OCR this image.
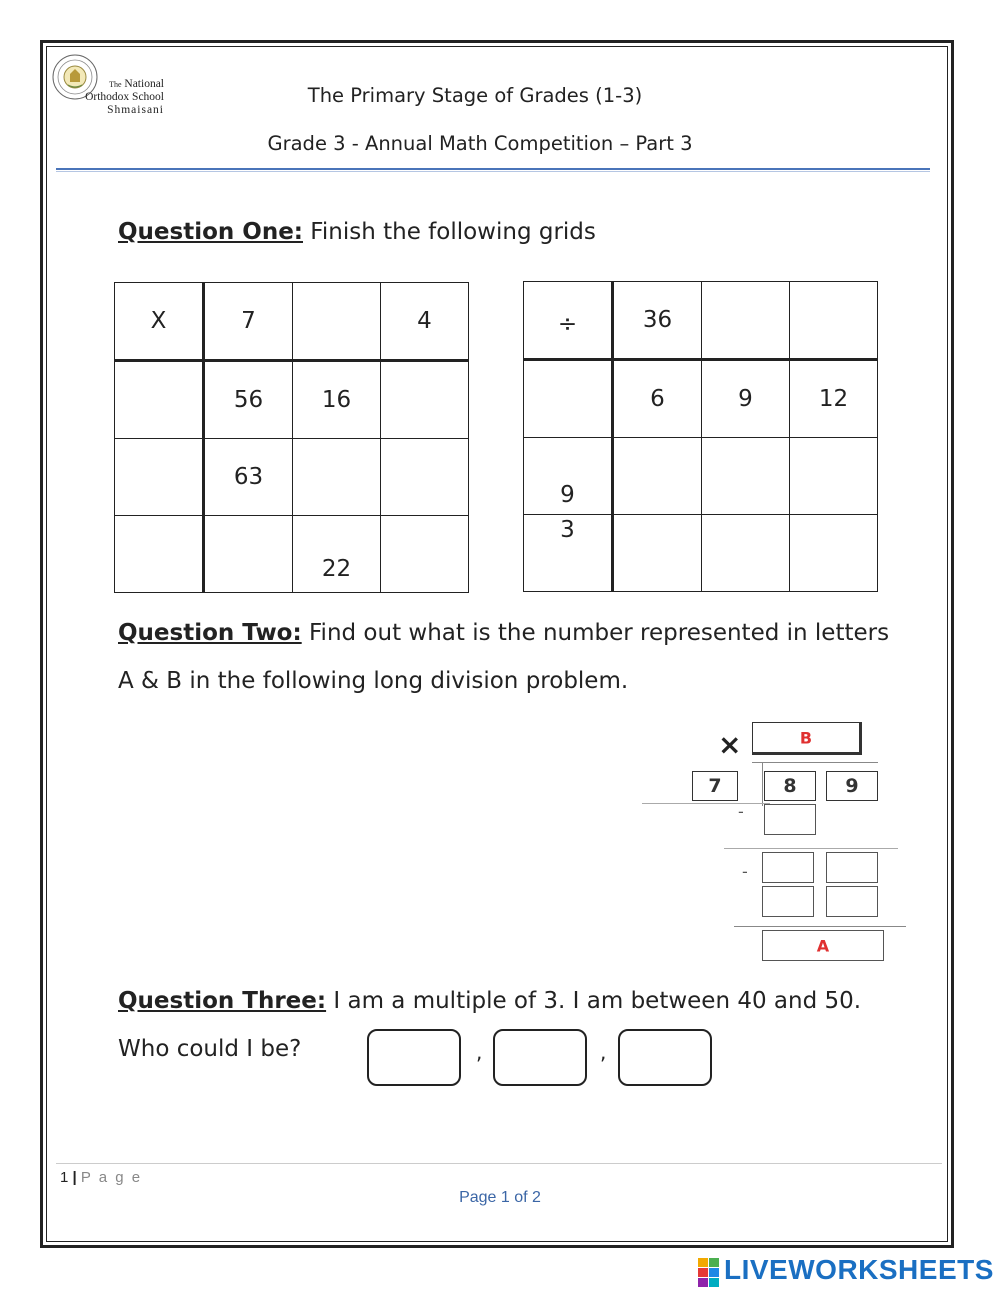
The National
Orthodox School
Shmaisani
The Primary Stage of Grades (1-3)
Grade 3 - Annual Math Competition – Part 3
Question One: Finish the following grids
X	7		4

	56	16	

	63		

		22	

÷	36		

	6	9	12

9			

3			

Question Two: Find out what is the number represented in letters
A & B in the following long division problem.
×	B
7	8	9
-
-
A
Question Three: I am a multiple of 3. I am between 40 and 50.
Who could I be?	,	,
1 | P a g e
Page 1 of 2
LIVEWORKSHEETS
